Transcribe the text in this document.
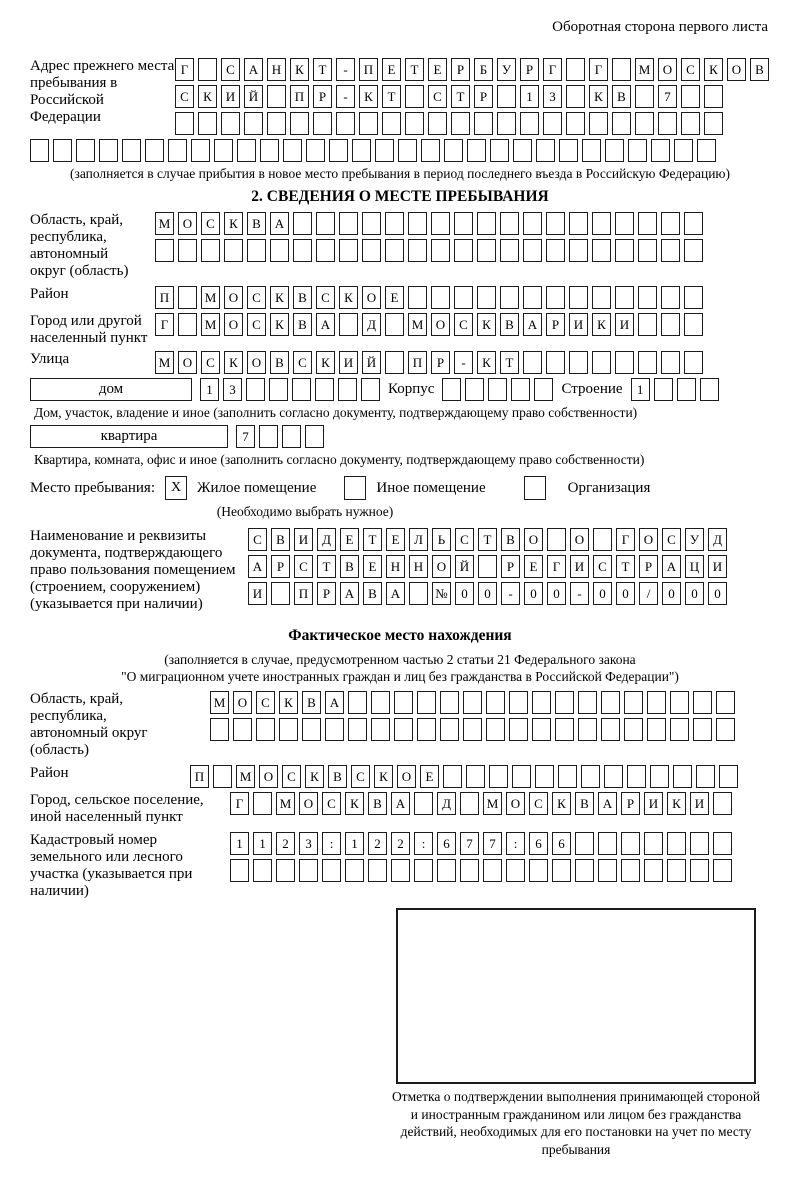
Оборотная сторона первого листа
Адрес прежнего места пребывания в Российской Федерации
Г	С	А	Н	К	Т	-	П	Е	Т	Е	Р	Б	У	Р	Г	Г	М О	С	К	О	В
С	К	И	Й	П	Р	-	К	Т	С	Т	Р	1	3	К	В	7
(заполняется в случае прибытия в новое место пребывания в период последнего въезда в Российскую Федерацию)
2. СВЕДЕНИЯ О МЕСТЕ ПРЕБЫВАНИЯ
Область, край, республика, автономный округ (область)
М О	С	К	В	А
Район	П	М О	С	К	В	С	К	О	Е
Город или другой населенный пункт
Г	М О	С	К	В	А	Д	М О	С	К	В	А	Р	И	К	И
Улица	М О	С	К	О	В	С	К	И	Й	П	Р	-	К	Т
дом	1	3	Корпус	Строение	1
Дом, участок, владение и иное (заполнить согласно документу, подтверждающему право собственности)
квартира	7
Квартира, комната, офис и иное (заполнить согласно документу, подтверждающему право собственности)
Место пребывания:	X	Жилое помещение	Иное помещение	Организация
(Необходимо выбрать нужное)
Наименование и реквизиты документа, подтверждающего право пользования помещением (строением, сооружением) (указывается при наличии)
С	В	И	Д	Е	Т	Е	Л	Ь	С	Т	В	О	О	Г	О	С	У	Д
А	Р	С	Т	В	Е	Н	Н	О	Й	Р	Е	Г	И	С	Т	Р	А	Ц	И
И	П	Р	А	В	А	№	0	0	-	0	0	-	0	0	/	0	0	0
Фактическое место нахождения
(заполняется в случае, предусмотренном частью 2 статьи 21 Федерального закона
"О миграционном учете иностранных граждан и лиц без гражданства в Российской Федерации")
Область, край, республика, автономный округ (область)
М О	С	К	В	А
Район	П	М О	С	К	В	С	К	О	Е
Город, сельское поселение, иной населенный пункт
Г	М О	С	К	В	А	Д	М О	С	К	В	А	Р	И	К	И
Кадастровый номер земельного или лесного участка (указывается при наличии)
1	1	2	3	:	1	2	2	:	6	7	7	:	6	6
Отметка о подтверждении выполнения принимающей стороной и иностранным гражданином или лицом без гражданства действий, необходимых для его постановки на учет по месту пребывания
